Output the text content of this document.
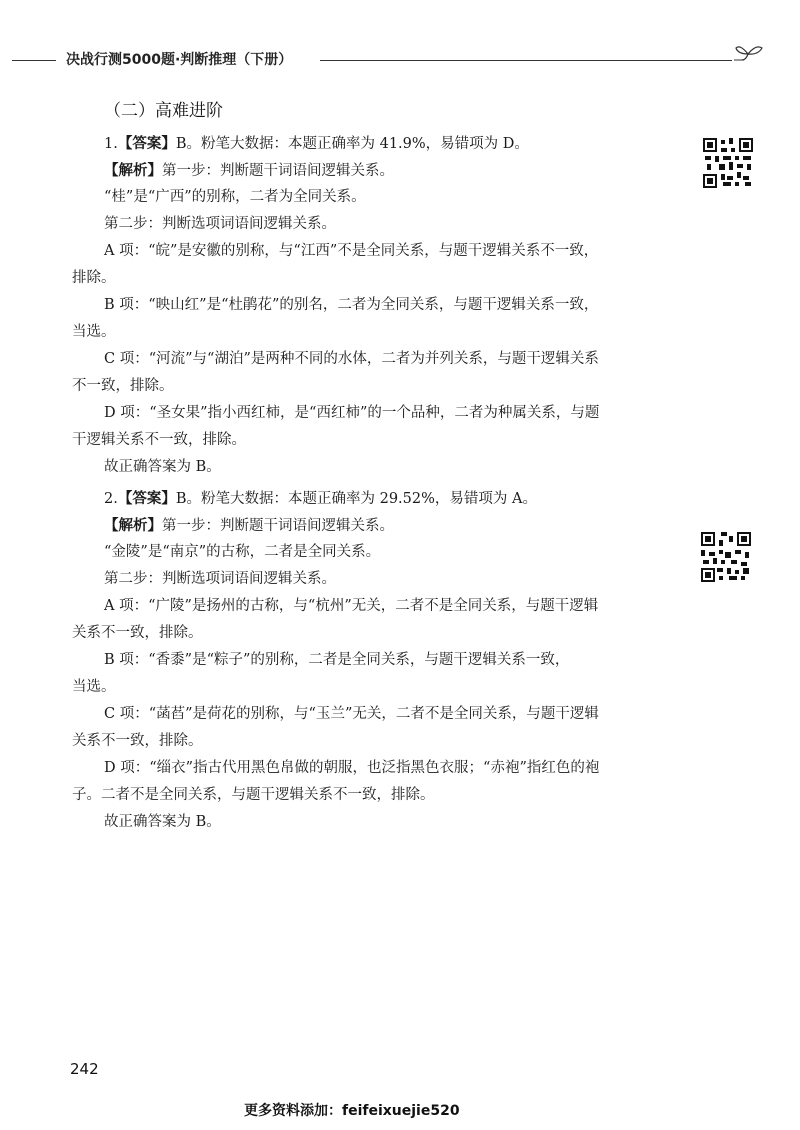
决战行测5000题·判断推理（下册）
（二）高难进阶
1.【答案】B。粉笔大数据：本题正确率为 41.9%，易错项为 D。
【解析】第一步：判断题干词语间逻辑关系。
“桂”是“广西”的别称，二者为全同关系。
第二步：判断选项词语间逻辑关系。
A 项：“皖”是安徽的别称，与“江西”不是全同关系，与题干逻辑关系不一致，
排除。
B 项：“映山红”是“杜鹃花”的别名，二者为全同关系，与题干逻辑关系一致，
当选。
C 项：“河流”与“湖泊”是两种不同的水体，二者为并列关系，与题干逻辑关系
不一致，排除。
D 项：“圣女果”指小西红柿，是“西红柿”的一个品种，二者为种属关系，与题
干逻辑关系不一致，排除。
故正确答案为 B。
2.【答案】B。粉笔大数据：本题正确率为 29.52%，易错项为 A。
【解析】第一步：判断题干词语间逻辑关系。
“金陵”是“南京”的古称，二者是全同关系。
第二步：判断选项词语间逻辑关系。
A 项：“广陵”是扬州的古称，与“杭州”无关，二者不是全同关系，与题干逻辑
关系不一致，排除。
B 项：“香黍”是“粽子”的别称，二者是全同关系，与题干逻辑关系一致，
当选。
C 项：“菡萏”是荷花的别称，与“玉兰”无关，二者不是全同关系，与题干逻辑
关系不一致，排除。
D 项：“缁衣”指古代用黑色帛做的朝服，也泛指黑色衣服；“赤袍”指红色的袍
子。二者不是全同关系，与题干逻辑关系不一致，排除。
故正确答案为 B。
242
更多资料添加：feifeixuejie520
